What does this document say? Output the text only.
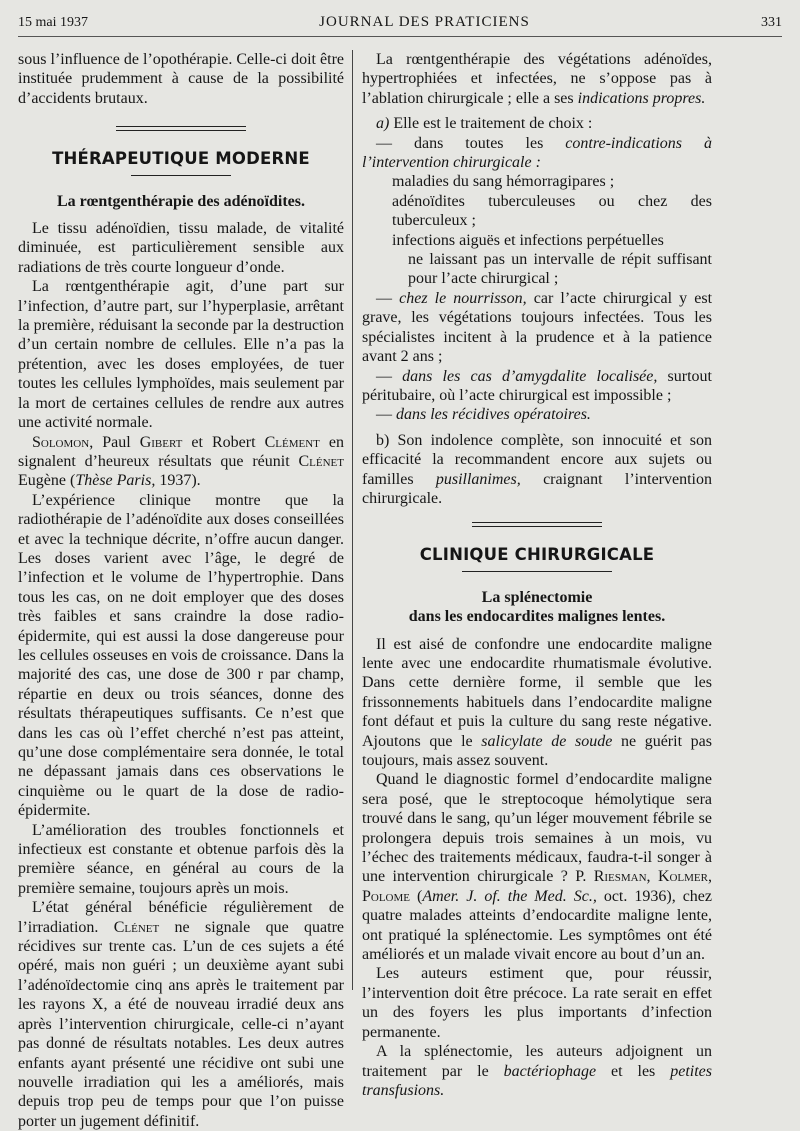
15 mai 1937	JOURNAL DES PRATICIENS	331

sous l’influence de l’opothérapie. Celle-ci doit être instituée prudemment à cause de la possibilité d’accidents brutaux.

THÉRAPEUTIQUE MODERNE
La rœntgenthérapie des adénoïdites.

Le tissu adénoïdien, tissu malade, de vitalité diminuée, est particulièrement sensible aux radiations de très courte longueur d’onde.

La rœntgenthérapie agit, d’une part sur l’infection, d’autre part, sur l’hyperplasie, arrêtant la première, réduisant la seconde par la destruction d’un certain nombre de cellules. Elle n’a pas la prétention, avec les doses employées, de tuer toutes les cellules lymphoïdes, mais seulement par la mort de certaines cellules de rendre aux autres une activité normale.

Solomon, Paul Gibert et Robert Clément en signalent d’heureux résultats que réunit Clénet Eugène (Thèse Paris, 1937).

L’expérience clinique montre que la radiothérapie de l’adénoïdite aux doses conseillées et avec la technique décrite, n’offre aucun danger. Les doses varient avec l’âge, le degré de l’infection et le volume de l’hypertrophie. Dans tous les cas, on ne doit employer que des doses très faibles et sans craindre la dose radio-épidermite, qui est aussi la dose dangereuse pour les cellules osseuses en vois de croissance. Dans la majorité des cas, une dose de 300 r par champ, répartie en deux ou trois séances, donne des résultats thérapeutiques suffisants. Ce n’est que dans les cas où l’effet cherché n’est pas atteint, qu’une dose complémentaire sera donnée, le total ne dépassant jamais dans ces observations le cinquième ou le quart de la dose de radio-épidermite.

L’amélioration des troubles fonctionnels et infectieux est constante et obtenue parfois dès la première séance, en général au cours de la première semaine, toujours après un mois.

L’état général bénéficie régulièrement de l’irradiation. Clénet ne signale que quatre récidives sur trente cas. L’un de ces sujets a été opéré, mais non guéri ; un deuxième ayant subi l’adénoïdectomie cinq ans après le traitement par les rayons X, a été de nouveau irradié deux ans après l’intervention chirurgicale, celle-ci n’ayant pas donné de résultats notables. Les deux autres enfants ayant présenté une récidive ont subi une nouvelle irradiation qui les a améliorés, mais depuis trop peu de temps pour que l’on puisse porter un jugement définitif.

La rœntgenthérapie des végétations adénoïdes, hypertrophiées et infectées, ne s’oppose pas à l’ablation chirurgicale ; elle a ses indications propres.

a) Elle est le traitement de choix :

— dans toutes les contre-indications à l’intervention chirurgicale :

maladies du sang hémorragipares ;

adénoïdites tuberculeuses ou chez des tuberculeux ;

infections aiguës et infections perpétuelles

ne laissant pas un intervalle de répit suffisant pour l’acte chirurgical ;

— chez le nourrisson, car l’acte chirurgical y est grave, les végétations toujours infectées. Tous les spécialistes incitent à la prudence et à la patience avant 2 ans ;

— dans les cas d’amygdalite localisée, surtout péritubaire, où l’acte chirurgical est impossible ;

— dans les récidives opératoires.

b) Son indolence complète, son innocuité et son efficacité la recommandent encore aux sujets ou familles pusillanimes, craignant l’intervention chirurgicale.

CLINIQUE CHIRURGICALE
La splénectomie
dans les endocardites malignes lentes.

Il est aisé de confondre une endocardite maligne lente avec une endocardite rhumatismale évolutive. Dans cette dernière forme, il semble que les frissonnements habituels dans l’endocardite maligne font défaut et puis la culture du sang reste négative. Ajoutons que le salicylate de soude ne guérit pas toujours, mais assez souvent.

Quand le diagnostic formel d’endocardite maligne sera posé, que le streptocoque hémolytique sera trouvé dans le sang, qu’un léger mouvement fébrile se prolongera depuis trois semaines à un mois, vu l’échec des traitements médicaux, faudra-t-il songer à une intervention chirurgicale ? P. Riesman, Kolmer, Polome (Amer. J. of. the Med. Sc., oct. 1936), chez quatre malades atteints d’endocardite maligne lente, ont pratiqué la splénectomie. Les symptômes ont été améliorés et un malade vivait encore au bout d’un an.

Les auteurs estiment que, pour réussir, l’intervention doit être précoce. La rate serait en effet un des foyers les plus importants d’infection permanente.

A la splénectomie, les auteurs adjoignent un traitement par le bactériophage et les petites transfusions.
